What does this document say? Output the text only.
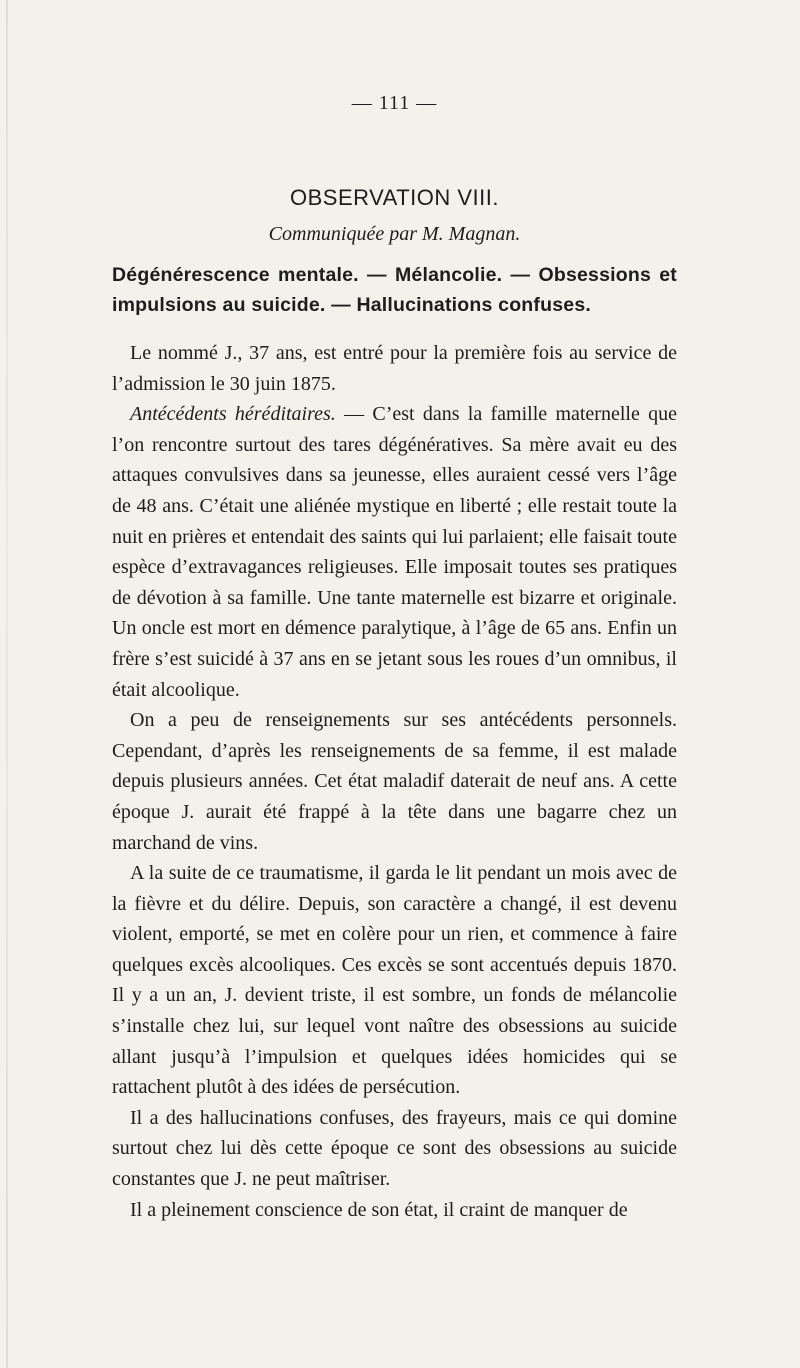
— 111 —
OBSERVATION VIII.
Communiquée par M. Magnan.
Dégénérescence mentale. — Mélancolie. — Obsessions et impulsions au suicide. — Hallucinations confuses.

Le nommé J., 37 ans, est entré pour la première fois au service de l’admission le 30 juin 1875.

Antécédents héréditaires. — C’est dans la famille maternelle que l’on rencontre surtout des tares dégénératives. Sa mère avait eu des attaques convulsives dans sa jeunesse, elles auraient cessé vers l’âge de 48 ans. C’était une aliénée mystique en liberté ; elle restait toute la nuit en prières et entendait des saints qui lui parlaient; elle faisait toute espèce d’extravagances religieuses. Elle imposait toutes ses pratiques de dévotion à sa famille. Une tante maternelle est bizarre et originale. Un oncle est mort en démence paralytique, à l’âge de 65 ans. Enfin un frère s’est suicidé à 37 ans en se jetant sous les roues d’un omnibus, il était alcoolique.

On a peu de renseignements sur ses antécédents personnels. Cependant, d’après les renseignements de sa femme, il est malade depuis plusieurs années. Cet état maladif daterait de neuf ans. A cette époque J. aurait été frappé à la tête dans une bagarre chez un marchand de vins.

A la suite de ce traumatisme, il garda le lit pendant un mois avec de la fièvre et du délire. Depuis, son caractère a changé, il est devenu violent, emporté, se met en colère pour un rien, et commence à faire quelques excès alcooliques. Ces excès se sont accentués depuis 1870. Il y a un an, J. devient triste, il est sombre, un fonds de mélancolie s’installe chez lui, sur lequel vont naître des obsessions au suicide allant jusqu’à l’impulsion et quelques idées homicides qui se rattachent plutôt à des idées de persécution.

Il a des hallucinations confuses, des frayeurs, mais ce qui domine surtout chez lui dès cette époque ce sont des obsessions au suicide constantes que J. ne peut maîtriser.

Il a pleinement conscience de son état, il craint de manquer de
